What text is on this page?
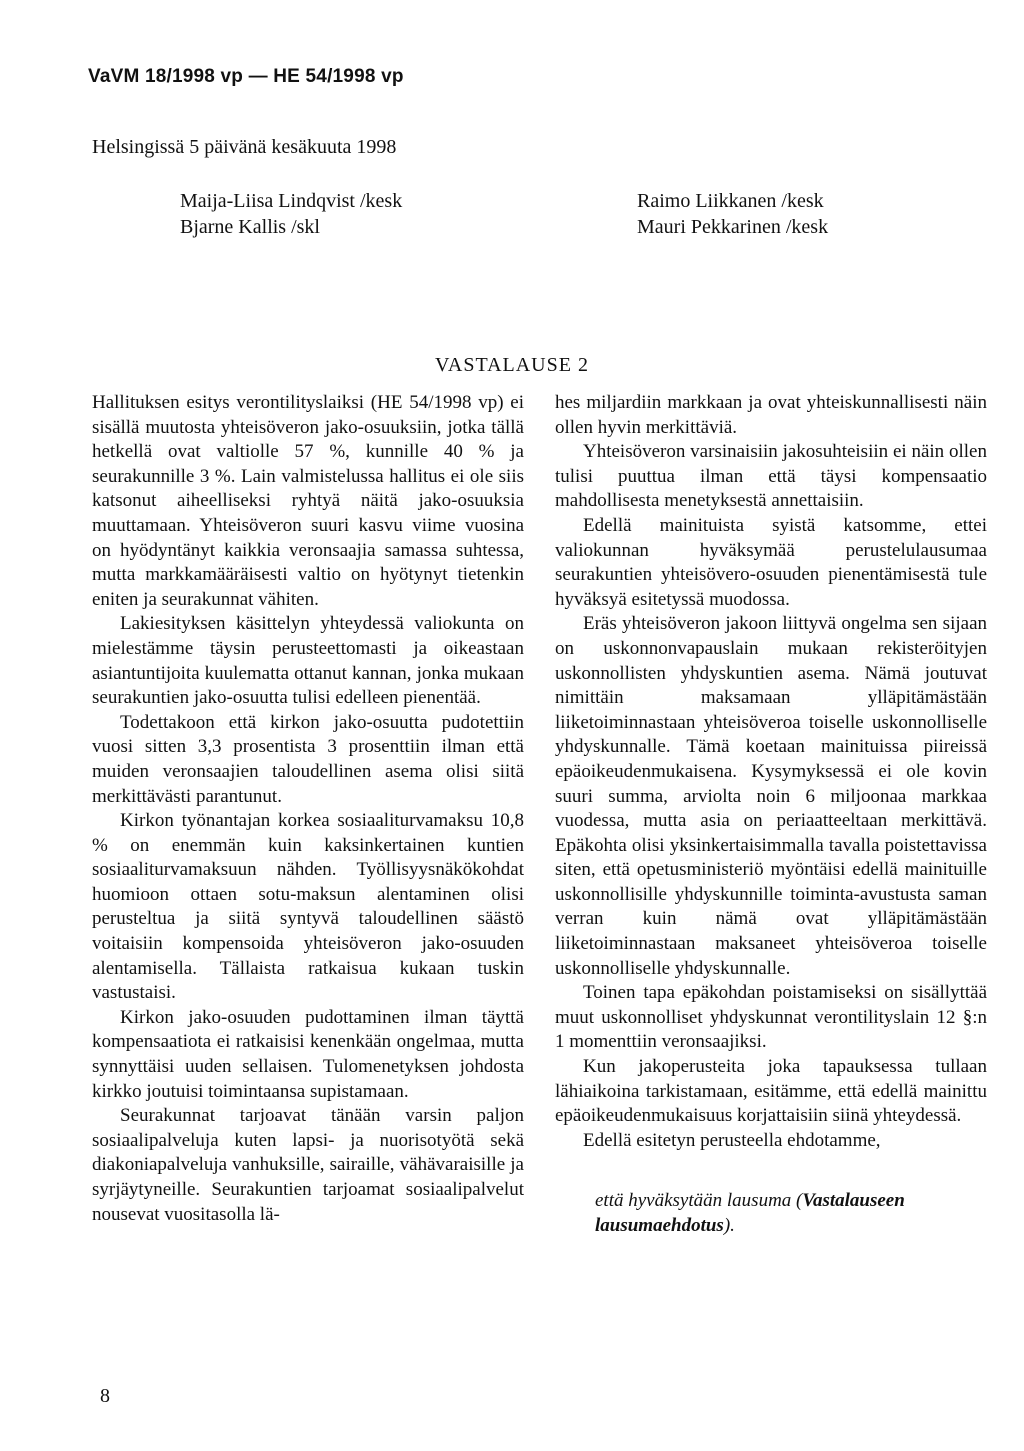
VaVM 18/1998 vp — HE 54/1998 vp
Helsingissä 5 päivänä kesäkuuta 1998
Maija-Liisa Lindqvist /kesk
Bjarne Kallis /skl
Raimo Liikkanen /kesk
Mauri Pekkarinen /kesk
VASTALAUSE 2

Hallituksen esitys verontilityslaiksi (HE 54/1998 vp) ei sisällä muutosta yhteisöveron jako-osuuksiin, jotka tällä hetkellä ovat valtiolle 57 %, kunnille 40 % ja seurakunnille 3 %. Lain valmistelussa hallitus ei ole siis katsonut aiheelliseksi ryhtyä näitä jako-osuuksia muuttamaan. Yhteisöveron suuri kasvu viime vuosina on hyödyntänyt kaikkia veronsaajia samassa suhtessa, mutta markkamääräisesti valtio on hyötynyt tietenkin eniten ja seurakunnat vähiten.

Lakiesityksen käsittelyn yhteydessä valiokunta on mielestämme täysin perusteettomasti ja oikeastaan asiantuntijoita kuulematta ottanut kannan, jonka mukaan seurakuntien jako-osuutta tulisi edelleen pienentää.

Todettakoon että kirkon jako-osuutta pudotettiin vuosi sitten 3,3 prosentista 3 prosenttiin ilman että muiden veronsaajien taloudellinen asema olisi siitä merkittävästi parantunut.

Kirkon työnantajan korkea sosiaaliturvamaksu 10,8 % on enemmän kuin kaksinkertainen kuntien sosiaaliturvamaksuun nähden. Työllisyysnäkökohdat huomioon ottaen sotu-maksun alentaminen olisi perusteltua ja siitä syntyvä taloudellinen säästö voitaisiin kompensoida yhteisöveron jako-osuuden alentamisella. Tällaista ratkaisua kukaan tuskin vastustaisi.

Kirkon jako-osuuden pudottaminen ilman täyttä kompensaatiota ei ratkaisisi kenenkään ongelmaa, mutta synnyttäisi uuden sellaisen. Tulomenetyksen johdosta kirkko joutuisi toimintaansa supistamaan.

Seurakunnat tarjoavat tänään varsin paljon sosiaalipalveluja kuten lapsi- ja nuorisotyötä sekä diakoniapalveluja vanhuksille, sairaille, vähävaraisille ja syrjäytyneille. Seurakuntien tarjoamat sosiaalipalvelut nousevat vuositasolla lä-

hes miljardiin markkaan ja ovat yhteiskunnallisesti näin ollen hyvin merkittäviä.

Yhteisöveron varsinaisiin jakosuhteisiin ei näin ollen tulisi puuttua ilman että täysi kompensaatio mahdollisesta menetyksestä annettaisiin.

Edellä mainituista syistä katsomme, ettei valiokunnan hyväksymää perustelulausumaa seurakuntien yhteisövero-osuuden pienentämisestä tule hyväksyä esitetyssä muodossa.

Eräs yhteisöveron jakoon liittyvä ongelma sen sijaan on uskonnonvapauslain mukaan rekisteröityjen uskonnollisten yhdyskuntien asema. Nämä joutuvat nimittäin maksamaan ylläpitämästään liiketoiminnastaan yhteisöveroa toiselle uskonnolliselle yhdyskunnalle. Tämä koetaan mainituissa piireissä epäoikeudenmukaisena. Kysymyksessä ei ole kovin suuri summa, arviolta noin 6 miljoonaa markkaa vuodessa, mutta asia on periaatteeltaan merkittävä. Epäkohta olisi yksinkertaisimmalla tavalla poistettavissa siten, että opetusministeriö myöntäisi edellä mainituille uskonnollisille yhdyskunnille toiminta-avustusta saman verran kuin nämä ovat ylläpitämästään liiketoiminnastaan maksaneet yhteisöveroa toiselle uskonnolliselle yhdyskunnalle.

Toinen tapa epäkohdan poistamiseksi on sisällyttää muut uskonnolliset yhdyskunnat verontilityslain 12 §:n 1 momenttiin veronsaajiksi.

Kun jakoperusteita joka tapauksessa tullaan lähiaikoina tarkistamaan, esitämme, että edellä mainittu epäoikeudenmukaisuus korjattaisiin siinä yhteydessä.

Edellä esitetyn perusteella ehdotamme,

että hyväksytään lausuma (Vastalauseen lausumaehdotus).

8
